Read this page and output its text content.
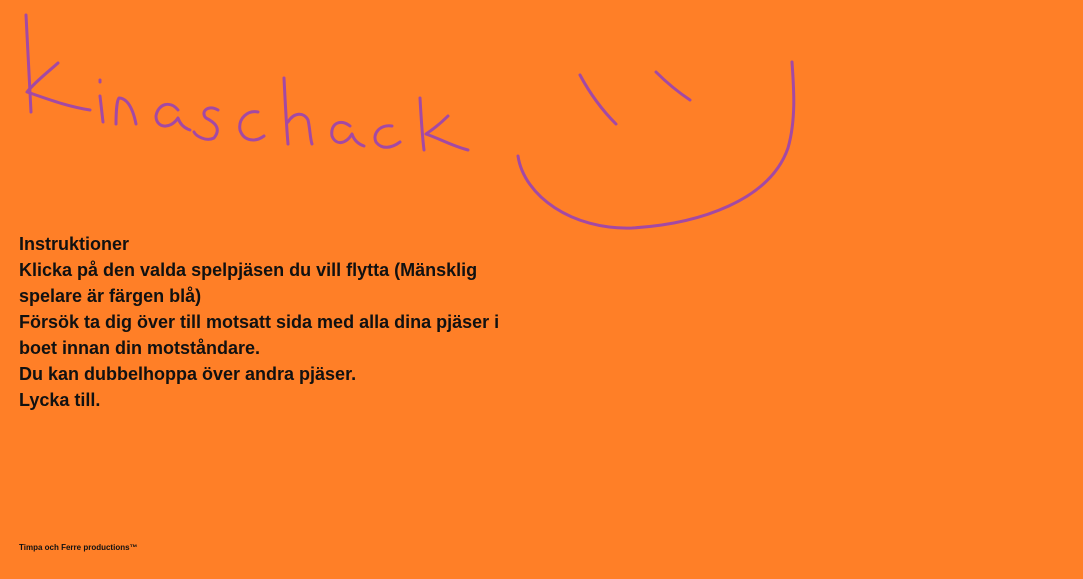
Instruktioner
Klicka på den valda spelpjäsen du vill flytta (Mänsklig spelare är färgen blå)
Försök ta dig över till motsatt sida med alla dina pjäser i boet innan din motståndare.
Du kan dubbelhoppa över andra pjäser.
Lycka till.
Timpa och Ferre productions™
